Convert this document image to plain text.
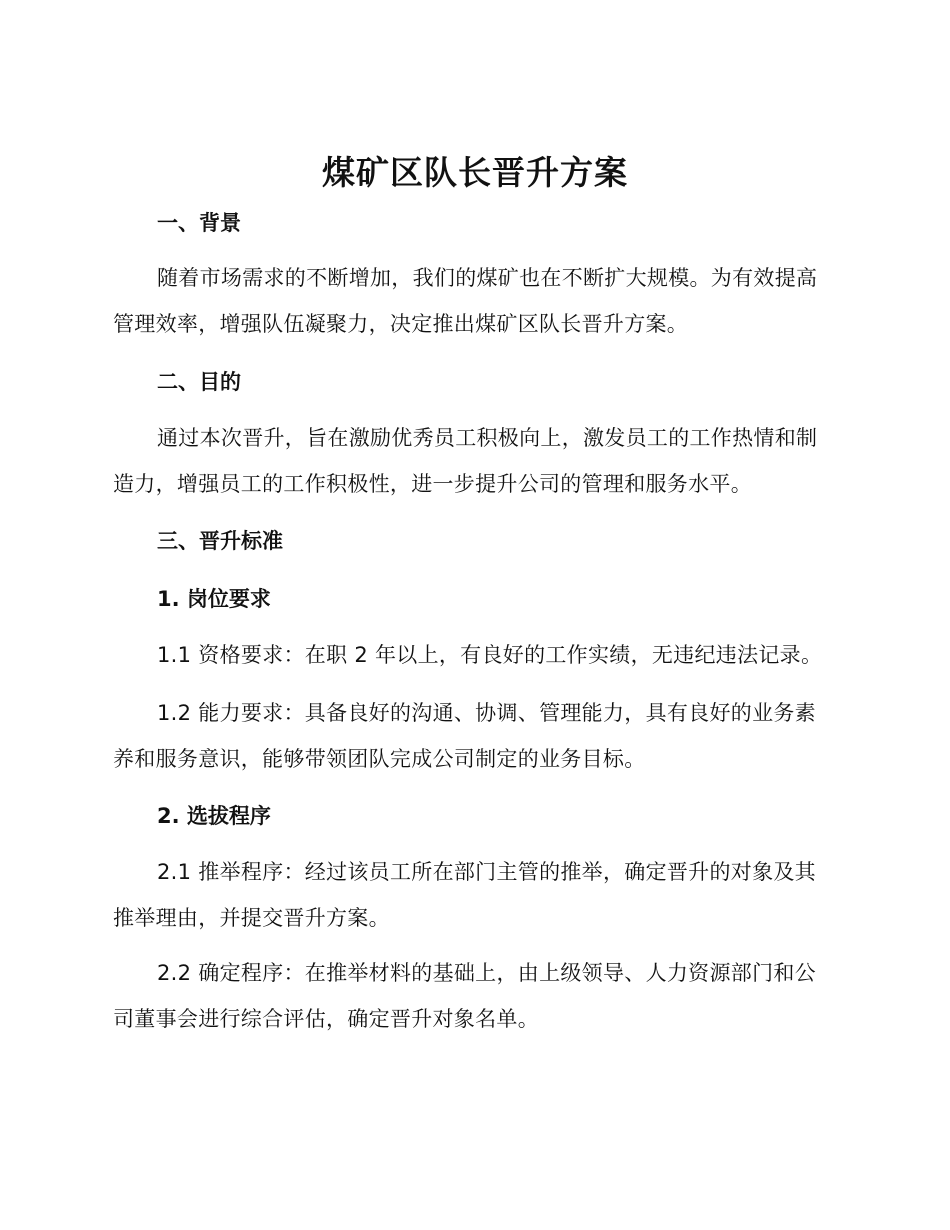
煤矿区队长晋升方案
一、背景
随着市场需求的不断增加，我们的煤矿也在不断扩大规模。为有效提高管理效率，增强队伍凝聚力，决定推出煤矿区队长晋升方案。
二、目的
通过本次晋升，旨在激励优秀员工积极向上，激发员工的工作热情和制造力，增强员工的工作积极性，进一步提升公司的管理和服务水平。
三、晋升标准
1. 岗位要求
1.1 资格要求：在职 2 年以上，有良好的工作实绩，无违纪违法记录。
1.2 能力要求：具备良好的沟通、协调、管理能力，具有良好的业务素养和服务意识，能够带领团队完成公司制定的业务目标。
2. 选拔程序
2.1 推举程序：经过该员工所在部门主管的推举，确定晋升的对象及其推举理由，并提交晋升方案。
2.2 确定程序：在推举材料的基础上，由上级领导、人力资源部门和公司董事会进行综合评估，确定晋升对象名单。
